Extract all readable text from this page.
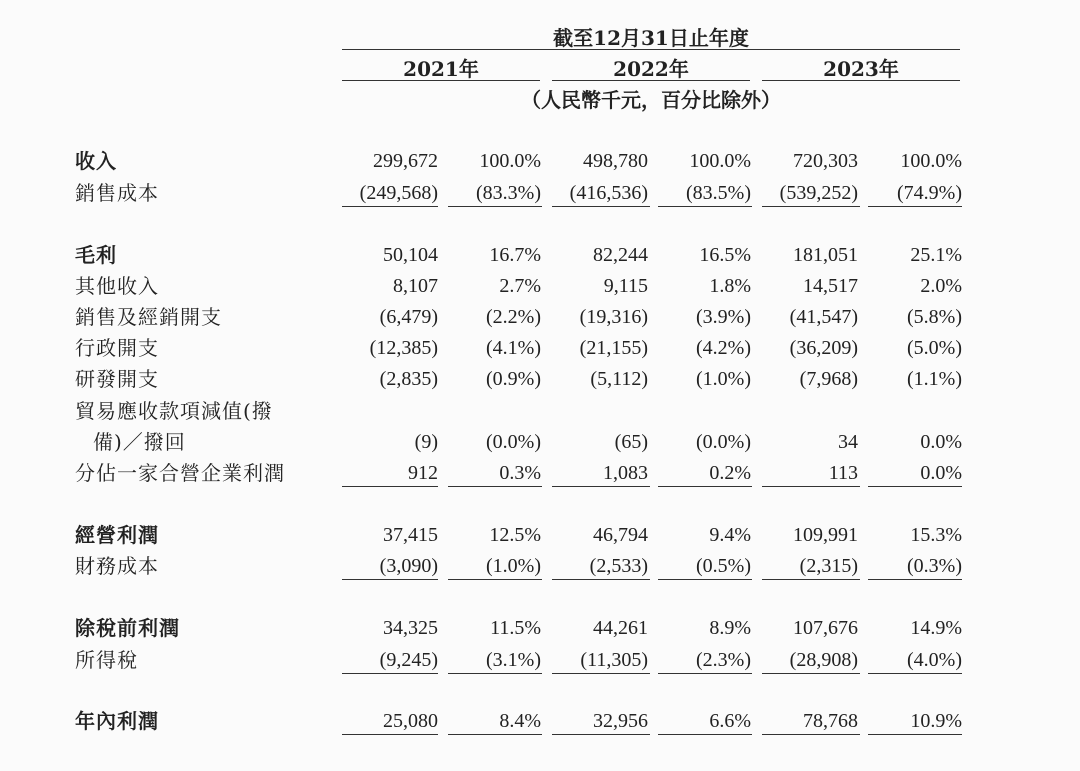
截至12月31日止年度
2021年	2022年	2023年
（人民幣千元，百分比除外）
收入	299,672 100.0% 498,780 100.0% 720,303 100.0%
銷售成本	(249,568) (83.3%) (416,536) (83.5%) (539,252) (74.9%)
毛利	50,104	16.7%	82,244	16.5% 181,051	25.1%
其他收入	8,107	2.7%	9,115	1.8%	14,517	2.0%
銷售及經銷開支	(6,479) (2.2%) (19,316) (3.9%) (41,547) (5.8%)
行政開支	(12,385) (4.1%) (21,155) (4.2%) (36,209) (5.0%)
研發開支	(2,835) (0.9%) (5,112) (1.0%) (7,968) (1.1%)
貿易應收款項減值(撥
備)／撥回	(9) (0.0%)	(65) (0.0%)	34	0.0%
分佔一家合營企業利潤	912	0.3%	1,083	0.2%	113	0.0%
經營利潤	37,415	12.5%	46,794	9.4% 109,991	15.3%
財務成本	(3,090) (1.0%) (2,533) (0.5%) (2,315) (0.3%)
除稅前利潤	34,325	11.5%	44,261	8.9% 107,676	14.9%
所得稅	(9,245) (3.1%) (11,305) (2.3%) (28,908) (4.0%)
年內利潤	25,080	8.4%	32,956	6.6%	78,768	10.9%
